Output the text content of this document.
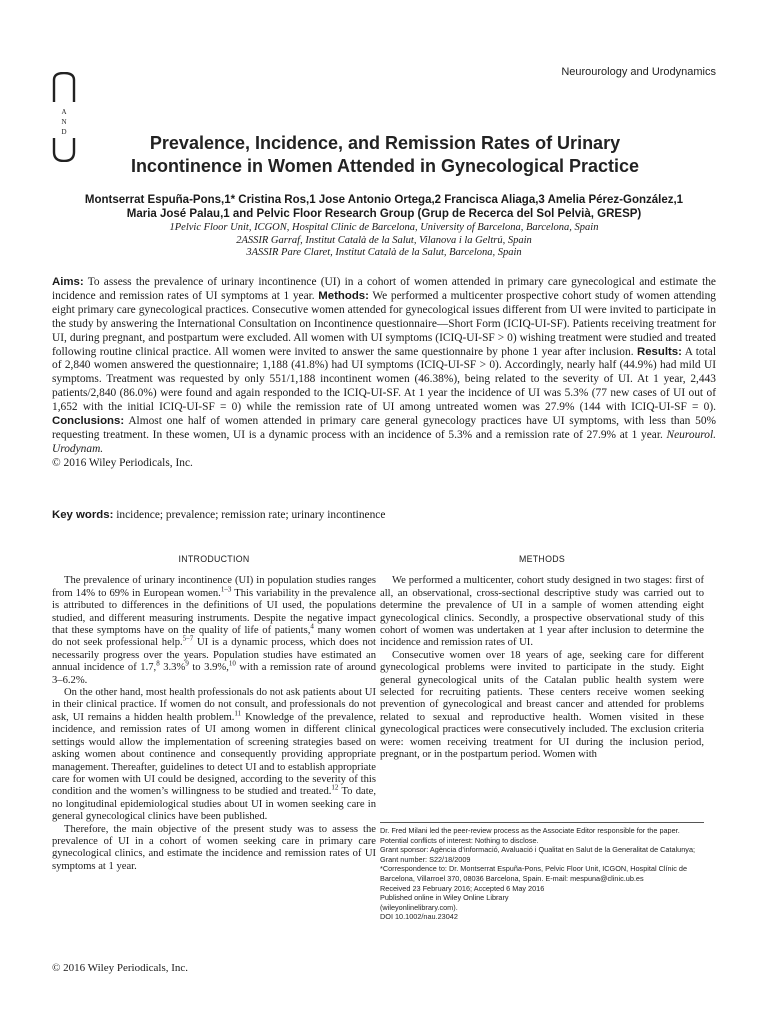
A
N
D
Neurourology and Urodynamics
Prevalence, Incidence, and Remission Rates of Urinary
Incontinence in Women Attended in Gynecological Practice
Montserrat Espuña-Pons,1* Cristina Ros,1 Jose Antonio Ortega,2 Francisca Aliaga,3 Amelia Pérez-González,1
Maria José Palau,1 and Pelvic Floor Research Group (Grup de Recerca del Sol Pelvià, GRESP)
1Pelvic Floor Unit, ICGON, Hospital Clinic de Barcelona, University of Barcelona, Barcelona, Spain
2ASSIR Garraf, Institut Català de la Salut, Vilanova i la Geltrú, Spain
3ASSIR Pare Claret, Institut Català de la Salut, Barcelona, Spain
Aims: To assess the prevalence of urinary incontinence (UI) in a cohort of women attended in primary care gynecological and estimate the incidence and remission rates of UI symptoms at 1 year. Methods: We performed a multicenter prospective cohort study of women attending eight primary care gynecological practices. Consecutive women attended for gynecological issues different from UI were invited to participate in the study by answering the International Consultation on Incontinence questionnaire—Short Form (ICIQ-UI-SF). Patients receiving treatment for UI, during pregnant, and postpartum were excluded. All women with UI symptoms (ICIQ-UI-SF > 0) wishing treatment were studied and treated following routine clinical practice. All women were invited to answer the same questionnaire by phone 1 year after inclusion. Results: A total of 2,840 women answered the questionnaire; 1,188 (41.8%) had UI symptoms (ICIQ-UI-SF > 0). Accordingly, nearly half (44.9%) had mild UI symptoms. Treatment was requested by only 551/1,188 incontinent women (46.38%), being related to the severity of UI. At 1 year, 2,443 patients/2,840 (86.0%) were found and again responded to the ICIQ-UI-SF. At 1 year the incidence of UI was 5.3% (77 new cases of UI out of 1,652 with the initial ICIQ-UI-SF = 0) while the remission rate of UI among untreated women was 27.9% (144 with ICIQ-UI-SF = 0). Conclusions: Almost one half of women attended in primary care general gynecology practices have UI symptoms, with less than 50% requesting treatment. In these women, UI is a dynamic process with an incidence of 5.3% and a remission rate of 27.9% at 1 year. Neurourol. Urodynam.
© 2016 Wiley Periodicals, Inc.
Key words: incidence; prevalence; remission rate; urinary incontinence
INTRODUCTION

The prevalence of urinary incontinence (UI) in population studies ranges from 14% to 69% in European women.$^{1-3}$ This variability in the prevalence is attributed to differences in the definitions of UI used, the populations studied, and different measuring instruments. Despite the negative impact that these symptoms have on the quality of life of patients,$^4$ many women do not seek professional help.$^{5-7}$ UI is a dynamic process, which does not necessarily progress over the years. Population studies have estimated an annual incidence of 1.7,$^8$ 3.3%$^9$ to 3.9%,$^{10}$ with a remission rate of around 3–6.2%.

On the other hand, most health professionals do not ask patients about UI in their clinical practice. If women do not consult, and professionals do not ask, UI remains a hidden health problem.$^{11}$ Knowledge of the prevalence, incidence, and remission rates of UI among women in different clinical settings would allow the implementation of screening strategies based on asking women about continence and consequently providing appropriate management. Thereafter, guidelines to detect UI and to establish appropriate care for women with UI could be designed, according to the severity of this condition and the women’s willingness to be studied and treated.$^{12}$ To date, no longitudinal epidemiological studies about UI in women seeking care in general gynecological clinics have been published.

Therefore, the main objective of the present study was to assess the prevalence of UI in a cohort of women seeking care in primary care gynecological clinics, and estimate the incidence and remission rates of UI symptoms at 1 year.

METHODS

We performed a multicenter, cohort study designed in two stages: first of all, an observational, cross-sectional descriptive study was carried out to determine the prevalence of UI in a sample of women attending eight gynecological clinics. Secondly, a prospective observational study of this cohort of women was undertaken at 1 year after inclusion to determine the incidence and remission rates of UI.

Consecutive women over 18 years of age, seeking care for different gynecological problems were invited to participate in the study. Eight general gynecological units of the Catalan public health system were selected for recruiting patients. These centers receive women seeking prevention of gynecological and breast cancer and attended for problems related to sexual and reproductive health. Women visited in these gynecological practices were consecutively included. The exclusion criteria were: women receiving treatment for UI during the inclusion period, pregnant, or in the postpartum period. Women with

Dr. Fred Milani led the peer-review process as the Associate Editor responsible for the paper.
Potential conflicts of interest: Nothing to disclose.
Grant sponsor: Agència d’informació, Avaluació i Qualitat en Salut de la Generalitat de Catalunya; Grant number: S22/18/2009
*Correspondence to: Dr. Montserrat Espuña-Pons, Pelvic Floor Unit, ICGON, Hospital Clínic de Barcelona, Villarroel 370, 08036 Barcelona, Spain. E-mail: mespuna@clinic.ub.es
Received 23 February 2016; Accepted 6 May 2016
Published online in Wiley Online Library
(wileyonlinelibrary.com).
DOI 10.1002/nau.23042
© 2016 Wiley Periodicals, Inc.
